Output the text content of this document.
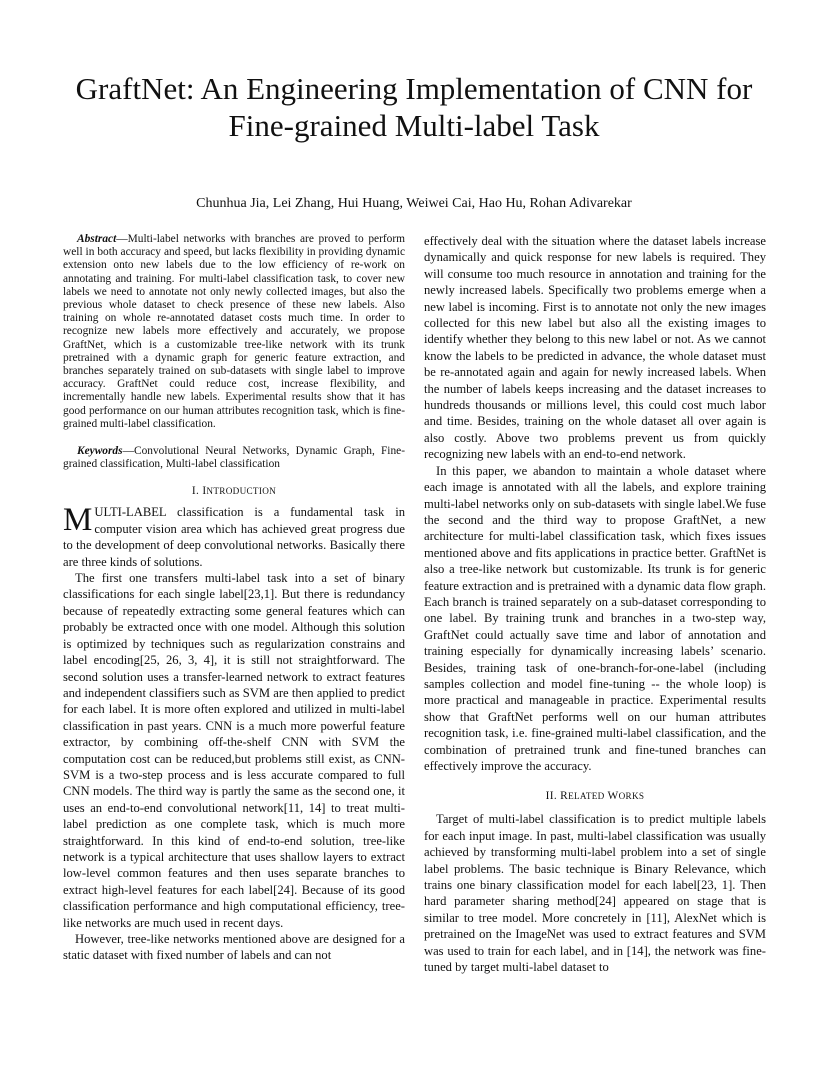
GraftNet: An Engineering Implementation of CNN for
Fine-grained Multi-label Task
Chunhua Jia, Lei Zhang, Hui Huang, Weiwei Cai, Hao Hu, Rohan Adivarekar

Abstract—Multi-label networks with branches are proved to perform well in both accuracy and speed, but lacks flexibility in providing dynamic extension onto new labels due to the low efficiency of re-work on annotating and training. For multi-label classification task, to cover new labels we need to annotate not only newly collected images, but also the previous whole dataset to check presence of these new labels. Also training on whole re-annotated dataset costs much time. In order to recognize new labels more effectively and accurately, we propose GraftNet, which is a customizable tree-like network with its trunk pretrained with a dynamic graph for generic feature extraction, and branches separately trained on sub-datasets with single label to improve accuracy. GraftNet could reduce cost, increase flexibility, and incrementally handle new labels. Experimental results show that it has good performance on our human attributes recognition task, which is fine-grained multi-label classification.

Keywords—Convolutional Neural Networks, Dynamic Graph, Fine-grained classification, Multi-label classification

I. INTRODUCTION

MULTI-LABEL classification is a fundamental task in computer vision area which has achieved great progress due to the development of deep convolutional networks. Basically there are three kinds of solutions.

The first one transfers multi-label task into a set of binary classifications for each single label[23,1]. But there is redundancy because of repeatedly extracting some general features which can probably be extracted once with one model. Although this solution is optimized by techniques such as regularization constrains and label encoding[25, 26, 3, 4], it is still not straightforward. The second solution uses a transfer-learned network to extract features and independent classifiers such as SVM are then applied to predict for each label. It is more often explored and utilized in multi-label classification in past years. CNN is a much more powerful feature extractor, by combining off-the-shelf CNN with SVM the computation cost can be reduced,but problems still exist, as CNN-SVM is a two-step process and is less accurate compared to full CNN models. The third way is partly the same as the second one, it uses an end-to-end convolutional network[11, 14] to treat multi-label prediction as one complete task, which is much more straightforward. In this kind of end-to-end solution, tree-like network is a typical architecture that uses shallow layers to extract low-level common features and then uses separate branches to extract high-level features for each label[24]. Because of its good classification performance and high computational efficiency, tree-like networks are much used in recent days.

However, tree-like networks mentioned above are designed for a static dataset with fixed number of labels and can not

effectively deal with the situation where the dataset labels increase dynamically and quick response for new labels is required. They will consume too much resource in annotation and training for the newly increased labels. Specifically two problems emerge when a new label is incoming. First is to annotate not only the new images collected for this new label but also all the existing images to identify whether they belong to this new label or not. As we cannot know the labels to be predicted in advance, the whole dataset must be re-annotated again and again for newly increased labels. When the number of labels keeps increasing and the dataset increases to hundreds thousands or millions level, this could cost much labor and time. Besides, training on the whole dataset all over again is also costly. Above two problems prevent us from quickly recognizing new labels with an end-to-end network.

In this paper, we abandon to maintain a whole dataset where each image is annotated with all the labels, and explore training multi-label networks only on sub-datasets with single label.We fuse the second and the third way to propose GraftNet, a new architecture for multi-label classification task, which fixes issues mentioned above and fits applications in practice better. GraftNet is also a tree-like network but customizable. Its trunk is for generic feature extraction and is pretrained with a dynamic data flow graph. Each branch is trained separately on a sub-dataset corresponding to one label. By training trunk and branches in a two-step way, GraftNet could actually save time and labor of annotation and training especially for dynamically increasing labels’ scenario. Besides, training task of one-branch-for-one-label (including samples collection and model fine-tuning -- the whole loop) is more practical and manageable in practice. Experimental results show that GraftNet performs well on our human attributes recognition task, i.e. fine-grained multi-label classification, and the combination of pretrained trunk and fine-tuned branches can effectively improve the accuracy.

II. RELATED WORKS

Target of multi-label classification is to predict multiple labels for each input image. In past, multi-label classification was usually achieved by transforming multi-label problem into a set of single label problems. The basic technique is Binary Relevance, which trains one binary classification model for each label[23, 1]. Then hard parameter sharing method[24] appeared on stage that is similar to tree model. More concretely in [11], AlexNet which is pretrained on the ImageNet was used to extract features and SVM was used to train for each label, and in [14], the network was fine-tuned by target multi-label dataset to
